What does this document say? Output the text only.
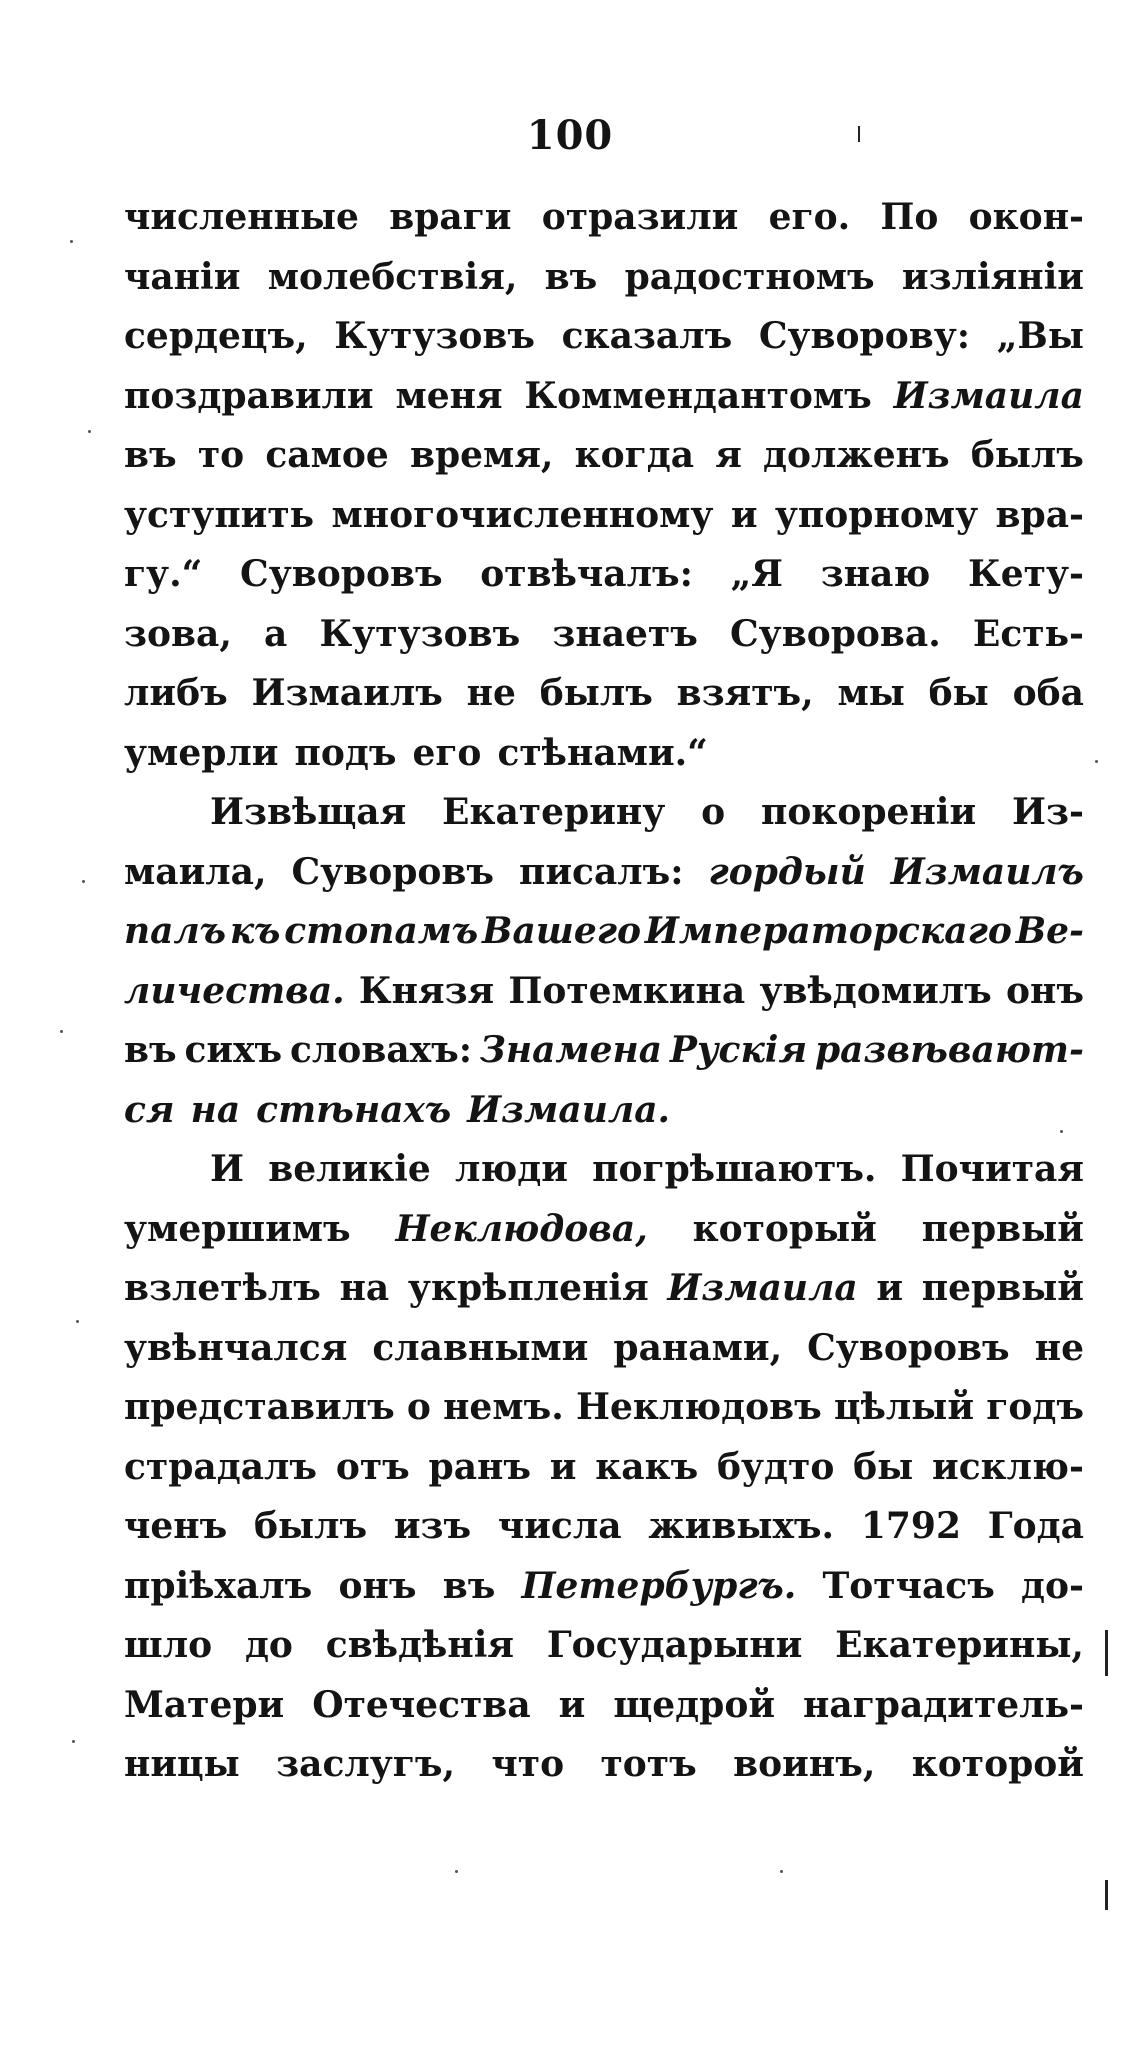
100
численные враги отразили его. По окон-
чанiи молебствiя, въ радостномъ излiянiи
сердецъ, Кутузовъ сказалъ Суворову: „Вы
поздравили меня Коммендантомъ Измаила
въ то самое время, когда я долженъ былъ
уступить многочисленному и упорному вра-
гу.“ Суворовъ отвѣчалъ: „Я знаю Кету-
зова, а Кутузовъ знаетъ Суворова. Есть-
либъ Измаилъ не былъ взятъ, мы бы оба
умерли подъ его стѣнами.“
Извѣщая Екатерину о покоренiи Из-
маила, Суворовъ писалъ: гордый Измаилъ
палъ къ стопамъ Вашего Императорскаго Ве-
личества. Князя Потемкина увѣдомилъ онъ
въ сихъ словахъ: Знамена Рускiя развѣвают-
ся на стѣнахъ Измаила.
И великiе люди погрѣшаютъ. Почитая
умершимъ Неклюдова, который первый
взлетѣлъ на укрѣпленiя Измаила и первый
увѣнчался славными ранами, Суворовъ не
представилъ о немъ. Неклюдовъ цѣлый годъ
страдалъ отъ ранъ и какъ будто бы исклю-
ченъ былъ изъ числа живыхъ. 1792 Года
прiѣхалъ онъ въ Петербургъ. Тотчасъ до-
шло до свѣдѣнiя Государыни Екатерины,
Матери Отечества и щедрой наградитель-
ницы заслугъ, что тотъ воинъ, которой
